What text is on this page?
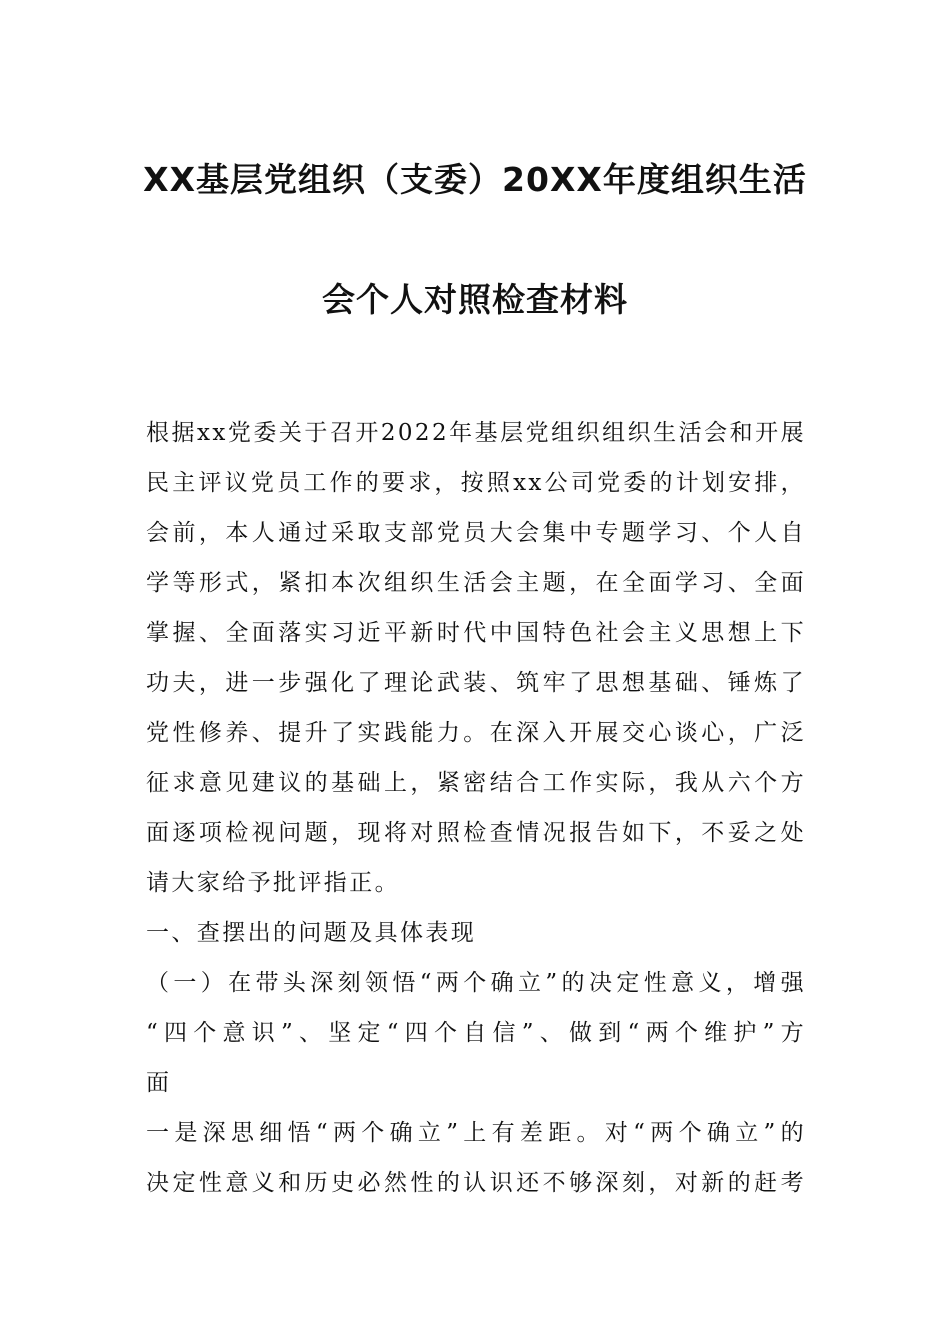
XX基层党组织（支委）20XX年度组织生活
会个人对照检查材料
根据xx党委关于召开2022年基层党组织组织生活会和开展
民主评议党员工作的要求，按照xx公司党委的计划安排，
会前，本人通过采取支部党员大会集中专题学习、个人自
学等形式，紧扣本次组织生活会主题，在全面学习、全面
掌握、全面落实习近平新时代中国特色社会主义思想上下
功夫，进一步强化了理论武装、筑牢了思想基础、锤炼了
党性修养、提升了实践能力。在深入开展交心谈心，广泛
征求意见建议的基础上，紧密结合工作实际，我从六个方
面逐项检视问题，现将对照检查情况报告如下，不妥之处
请大家给予批评指正。
一、查摆出的问题及具体表现
（一）在带头深刻领悟“两个确立”的决定性意义，增强
“四个意识”、坚定“四个自信”、做到“两个维护”方
面
一是深思细悟“两个确立”上有差距。对“两个确立”的
决定性意义和历史必然性的认识还不够深刻，对新的赶考
